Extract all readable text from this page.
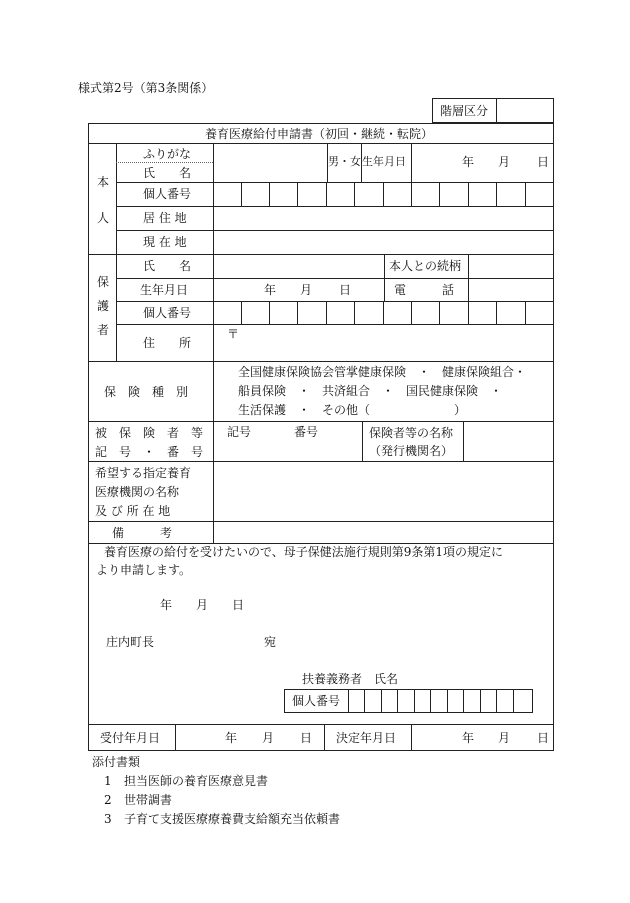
様式第2号（第3条関係）
階層区分
養育医療給付申請書（初回・継続・転院）
本
人
ふりがな
氏　　名
男・女 生年月日	年 月 日
個人番号
居 住 地
現 在 地
保
護
者
氏　　名	本人との続柄
生年月日	年 月 日	電　　　話
個人番号
住　　所
〒
保　険　種　別
全国健康保険協会管掌健康保険　・　健康保険組合・
船員保険　・　共済組合　・　国民健康保険　・
生活保護　・　その他（　　　　　　　）
被　保　険　者　等
記　号　・　番　号
記号	番号	保険者等の名称
（発行機関名）
希望する指定養育
医療機関の名称
及 び 所 在 地
備　　　考
　養育医療の給付を受けたいので、母子保健法施行規則第9条第1項の規定に
より申請します。
年　　月　　日
庄内町長	宛
扶養義務者　氏名
個人番号
受付年月日	年 月 日 決定年月日	年 月 日
添付書類
1 担当医師の養育医療意見書
2 世帯調書
3 子育て支援医療療養費支給額充当依頼書
